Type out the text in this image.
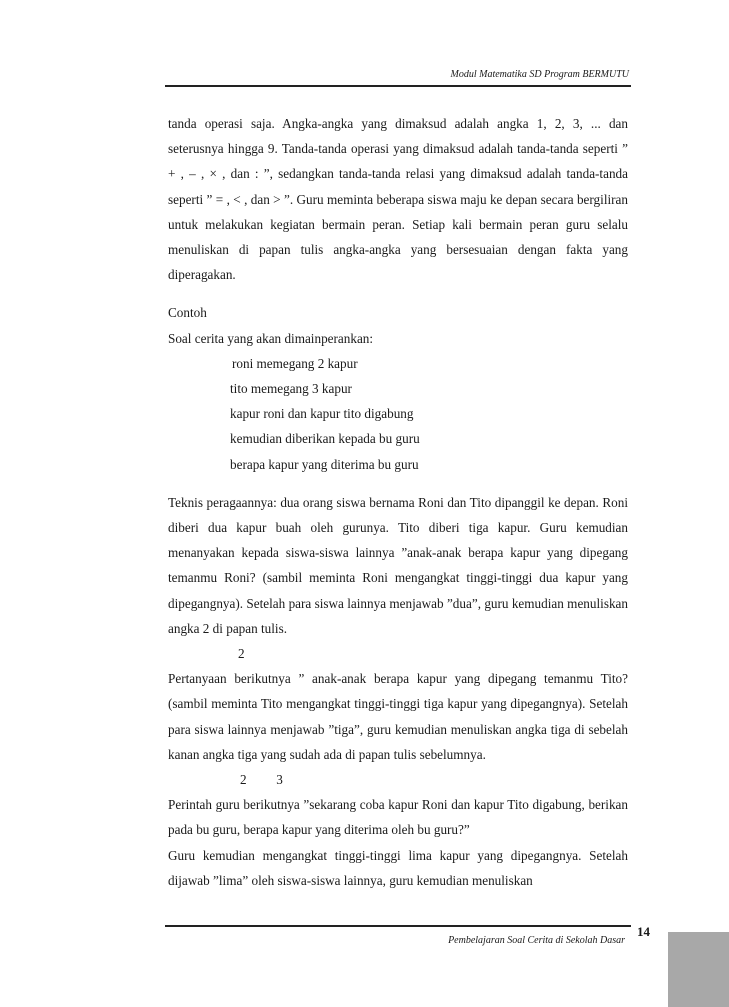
Modul Matematika SD Program BERMUTU

tanda operasi saja. Angka-angka yang dimaksud adalah angka 1, 2, 3, ... dan seterusnya hingga 9. Tanda-tanda operasi yang dimaksud adalah tanda-tanda seperti ” + , – , × , dan : ”, sedangkan tanda-tanda relasi yang dimaksud adalah tanda-tanda seperti ” = , < , dan > ”. Guru meminta beberapa siswa maju ke depan secara bergiliran untuk melakukan kegiatan bermain peran. Setiap kali bermain peran guru selalu menuliskan di papan tulis angka-angka yang bersesuaian dengan fakta yang diperagakan.

Contoh

Soal cerita yang akan dimainperankan:

roni memegang 2 kapur

tito memegang 3 kapur

kapur roni dan kapur tito digabung

kemudian diberikan kepada bu guru

berapa kapur yang diterima bu guru

Teknis peragaannya: dua orang siswa bernama Roni dan Tito dipanggil ke depan. Roni diberi dua kapur buah oleh gurunya. Tito diberi tiga kapur. Guru kemudian menanyakan kepada siswa-siswa lainnya ”anak-anak berapa kapur yang dipegang temanmu Roni? (sambil meminta Roni mengangkat tinggi-tinggi dua kapur yang dipegangnya). Setelah para siswa lainnya menjawab ”dua”, guru kemudian menuliskan angka 2 di papan tulis.

2

Pertanyaan berikutnya ” anak-anak berapa kapur yang dipegang temanmu Tito? (sambil meminta Tito mengangkat tinggi-tinggi tiga kapur yang dipegangnya). Setelah para siswa lainnya menjawab ”tiga”, guru kemudian menuliskan angka tiga di sebelah kanan angka tiga yang sudah ada di papan tulis sebelumnya.

2         3

Perintah guru berikutnya ”sekarang coba kapur Roni dan kapur Tito digabung, berikan pada bu guru, berapa kapur yang diterima oleh bu guru?”

Guru kemudian mengangkat tinggi-tinggi lima kapur yang dipegangnya. Setelah dijawab ”lima” oleh siswa-siswa lainnya, guru kemudian menuliskan

Pembelajaran Soal Cerita di Sekolah Dasar
14
